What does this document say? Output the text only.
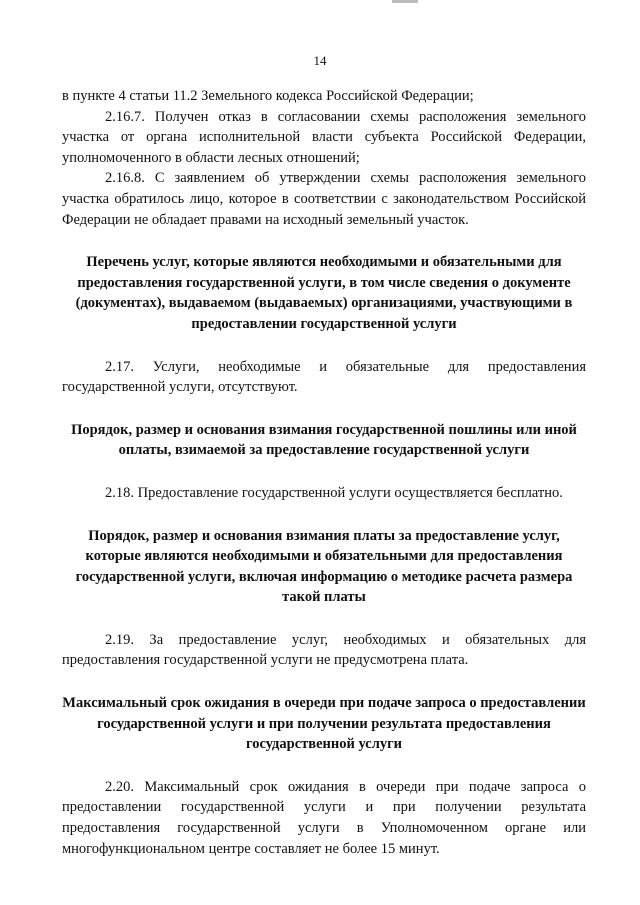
14

в пункте 4 статьи 11.2 Земельного кодекса Российской Федерации;

2.16.7. Получен отказ в согласовании схемы расположения земельного участка от органа исполнительной власти субъекта Российской Федерации, уполномоченного в области лесных отношений;

2.16.8. С заявлением об утверждении схемы расположения земельного участка обратилось лицо, которое в соответствии с законодательством Российской Федерации не обладает правами на исходный земельный участок.

Перечень услуг, которые являются необходимыми и обязательными для предоставления государственной услуги, в том числе сведения о документе (документах), выдаваемом (выдаваемых) организациями, участвующими в предоставлении государственной услуги

2.17. Услуги, необходимые и обязательные для предоставления государственной услуги, отсутствуют.

Порядок, размер и основания взимания государственной пошлины или иной оплаты, взимаемой за предоставление государственной услуги

2.18. Предоставление государственной услуги осуществляется бесплатно.

Порядок, размер и основания взимания платы за предоставление услуг, которые являются необходимыми и обязательными для предоставления государственной услуги, включая информацию о методике расчета размера такой платы

2.19. За предоставление услуг, необходимых и обязательных для предоставления государственной услуги не предусмотрена плата.

Максимальный срок ожидания в очереди при подаче запроса о предоставлении государственной услуги и при получении результата предоставления государственной услуги

2.20. Максимальный срок ожидания в очереди при подаче запроса о предоставлении государственной услуги и при получении результата предоставления государственной услуги в Уполномоченном органе или многофункциональном центре составляет не более 15 минут.
